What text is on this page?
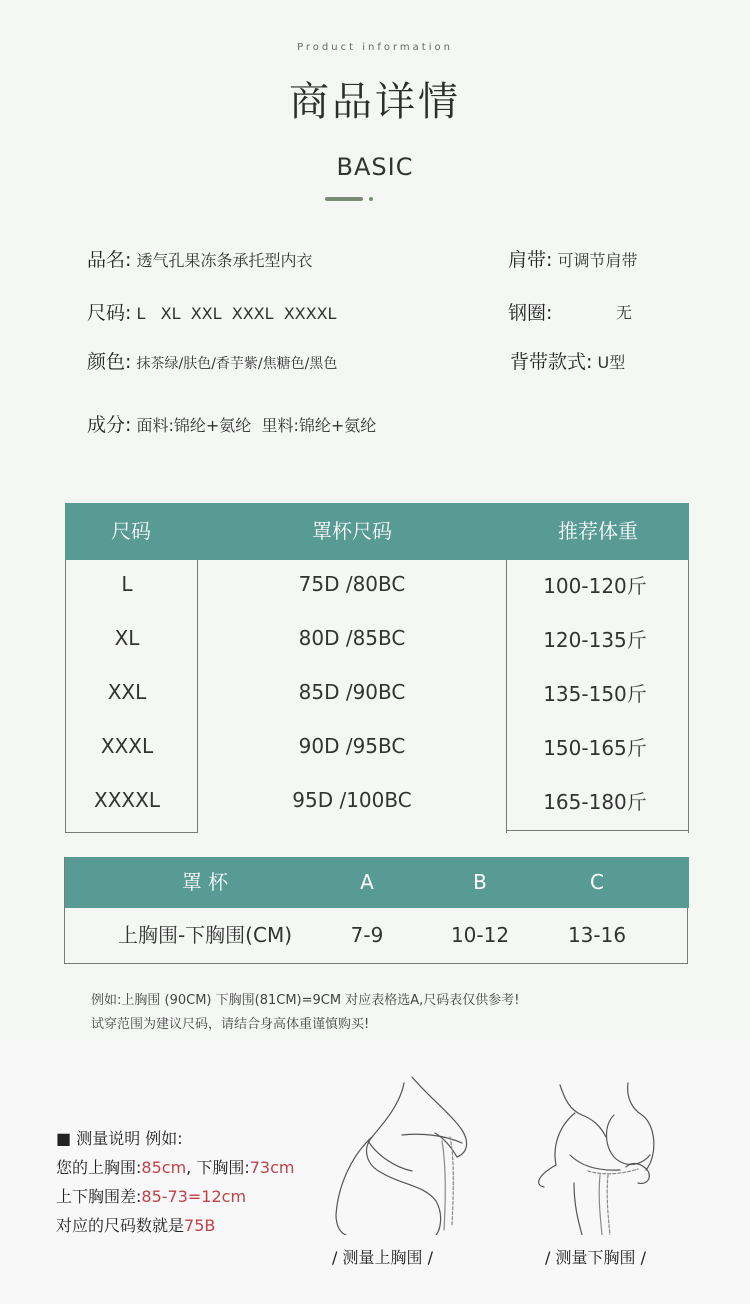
Product information
商品详情
BASIC
品名: 透气孔果冻条承托型内衣
尺码: L   XL  XXL  XXXL  XXXXL
颜色: 抹茶绿/肤色/香芋紫/焦糖色/黑色
成分: 面料:锦纶+氨纶  里料:锦纶+氨纶
肩带: 可调节肩带
钢圈:	无
背带款式: U型
尺码	罩杯尺码	推荐体重
L	75D /80BC	100-120斤
XL	80D /85BC	120-135斤
XXL	85D /90BC	135-150斤
XXXL	90D /95BC	150-165斤
XXXXL	95D /100BC	165-180斤
罩 杯	A	B	C
上胸围-下胸围(CM)	7-9	10-12	13-16
例如:上胸围 (90CM) 下胸围(81CM)=9CM 对应表格选A,尺码表仅供参考!
试穿范围为建议尺码，请结合身高体重谨慎购买!
■ 测量说明 例如:
您的上胸围:85cm, 下胸围:73cm
上下胸围差:85-73=12cm
对应的尺码数就是75B
/ 测量上胸围 /	/ 测量下胸围 /
